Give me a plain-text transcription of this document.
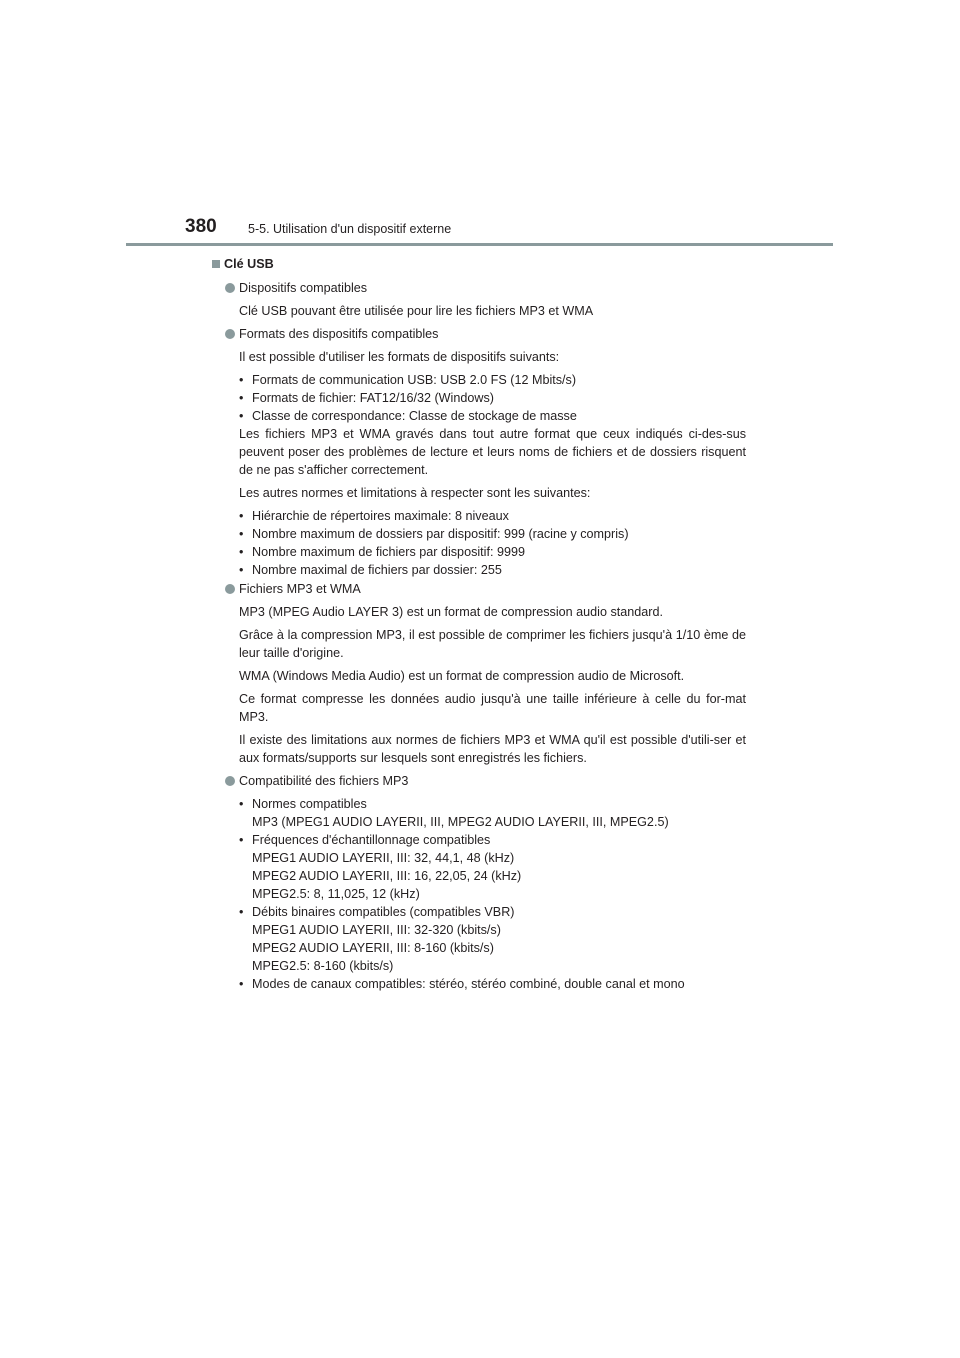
380	5-5. Utilisation d'un dispositif externe
Clé USB
Dispositifs compatibles
Clé USB pouvant être utilisée pour lire les fichiers MP3 et WMA
Formats des dispositifs compatibles
Il est possible d'utiliser les formats de dispositifs suivants:
• Formats de communication USB: USB 2.0 FS (12 Mbits/s)
• Formats de fichier: FAT12/16/32 (Windows)
• Classe de correspondance: Classe de stockage de masse
Les fichiers MP3 et WMA gravés dans tout autre format que ceux indiqués ci-des-sus peuvent poser des problèmes de lecture et leurs noms de fichiers et de dossiers risquent de ne pas s'afficher correctement.
Les autres normes et limitations à respecter sont les suivantes:
• Hiérarchie de répertoires maximale: 8 niveaux
• Nombre maximum de dossiers par dispositif: 999 (racine y compris)
• Nombre maximum de fichiers par dispositif: 9999
• Nombre maximal de fichiers par dossier: 255
Fichiers MP3 et WMA
MP3 (MPEG Audio LAYER 3) est un format de compression audio standard.
Grâce à la compression MP3, il est possible de comprimer les fichiers jusqu'à 1/10 ème de leur taille d'origine.
WMA (Windows Media Audio) est un format de compression audio de Microsoft.
Ce format compresse les données audio jusqu'à une taille inférieure à celle du for-mat MP3.
Il existe des limitations aux normes de fichiers MP3 et WMA qu'il est possible d'utili-ser et aux formats/supports sur lesquels sont enregistrés les fichiers.
Compatibilité des fichiers MP3
• Normes compatibles
MP3 (MPEG1 AUDIO LAYERII, III, MPEG2 AUDIO LAYERII, III, MPEG2.5)
• Fréquences d'échantillonnage compatibles
MPEG1 AUDIO LAYERII, III: 32, 44,1, 48 (kHz)
MPEG2 AUDIO LAYERII, III: 16, 22,05, 24 (kHz)
MPEG2.5: 8, 11,025, 12 (kHz)
• Débits binaires compatibles (compatibles VBR)
MPEG1 AUDIO LAYERII, III: 32-320 (kbits/s)
MPEG2 AUDIO LAYERII, III: 8-160 (kbits/s)
MPEG2.5: 8-160 (kbits/s)
• Modes de canaux compatibles: stéréo, stéréo combiné, double canal et mono
